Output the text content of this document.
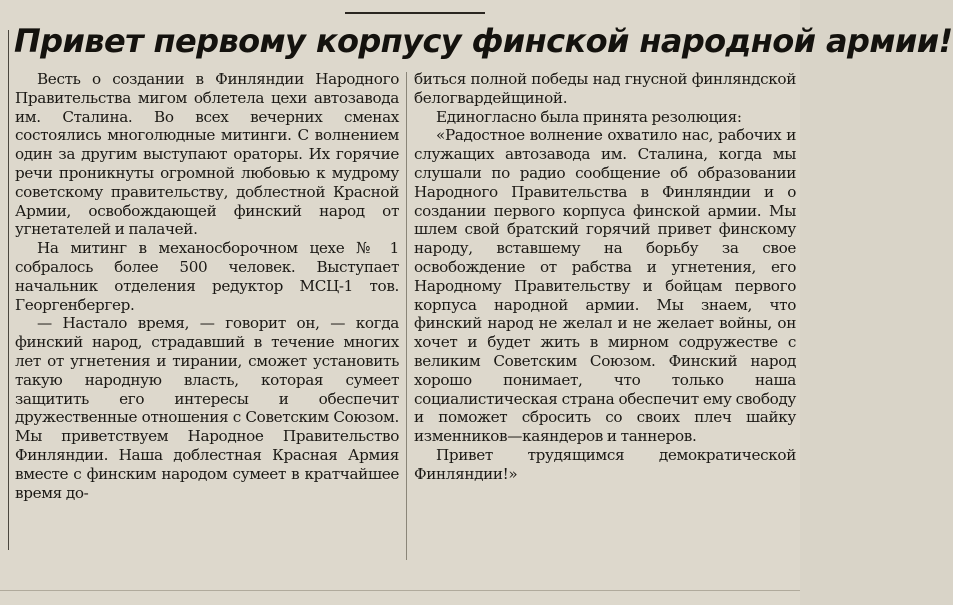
Привет первому корпусу финской народной армии!

Весть о создании в Финляндии Народного Правительства мигом облетела цехи автозавода им. Сталина. Во всех вечерних сменах состоялись многолюдные митинги. С волнением один за другим выступают ораторы. Их горячие речи проникнуты огромной любовью к мудрому советскому правительству, доблестной Красной Армии, освобождающей финский народ от угнетателей и палачей.

На митинг в механосборочном цехе № 1 собралось более 500 человек. Выступает начальник отделения редуктор МСЦ-1 тов. Георгенбергер.

— Настало время, — говорит он, — когда финский народ, страдавший в течение многих лет от угнетения и тирании, сможет установить такую народную власть, которая сумеет защитить его интересы и обеспечит дружественные отношения с Советским Союзом. Мы приветствуем Народное Правительство Финляндии. Наша доблестная Красная Армия вместе с финским народом сумеет в кратчайшее время до-

биться полной победы над гнусной финляндской белогвардейщиной.

Единогласно была принята резолюция:

«Радостное волнение охватило нас, рабочих и служащих автозавода им. Сталина, когда мы слушали по радио сообщение об образовании Народного Правительства в Финляндии и о создании первого корпуса финской армии. Мы шлем свой братский горячий привет финскому народу, вставшему на борьбу за свое освобождение от рабства и угнетения, его Народному Правительству и бойцам первого корпуса народной армии. Мы знаем, что финский народ не желал и не желает войны, он хочет и будет жить в мирном содружестве с великим Советским Союзом. Финский народ хорошо понимает, что только наша социалистическая страна обеспечит ему свободу и поможет сбросить со своих плеч шайку изменников—каяндеров и таннеров.

Привет трудящимся демократической Финляндии!»
